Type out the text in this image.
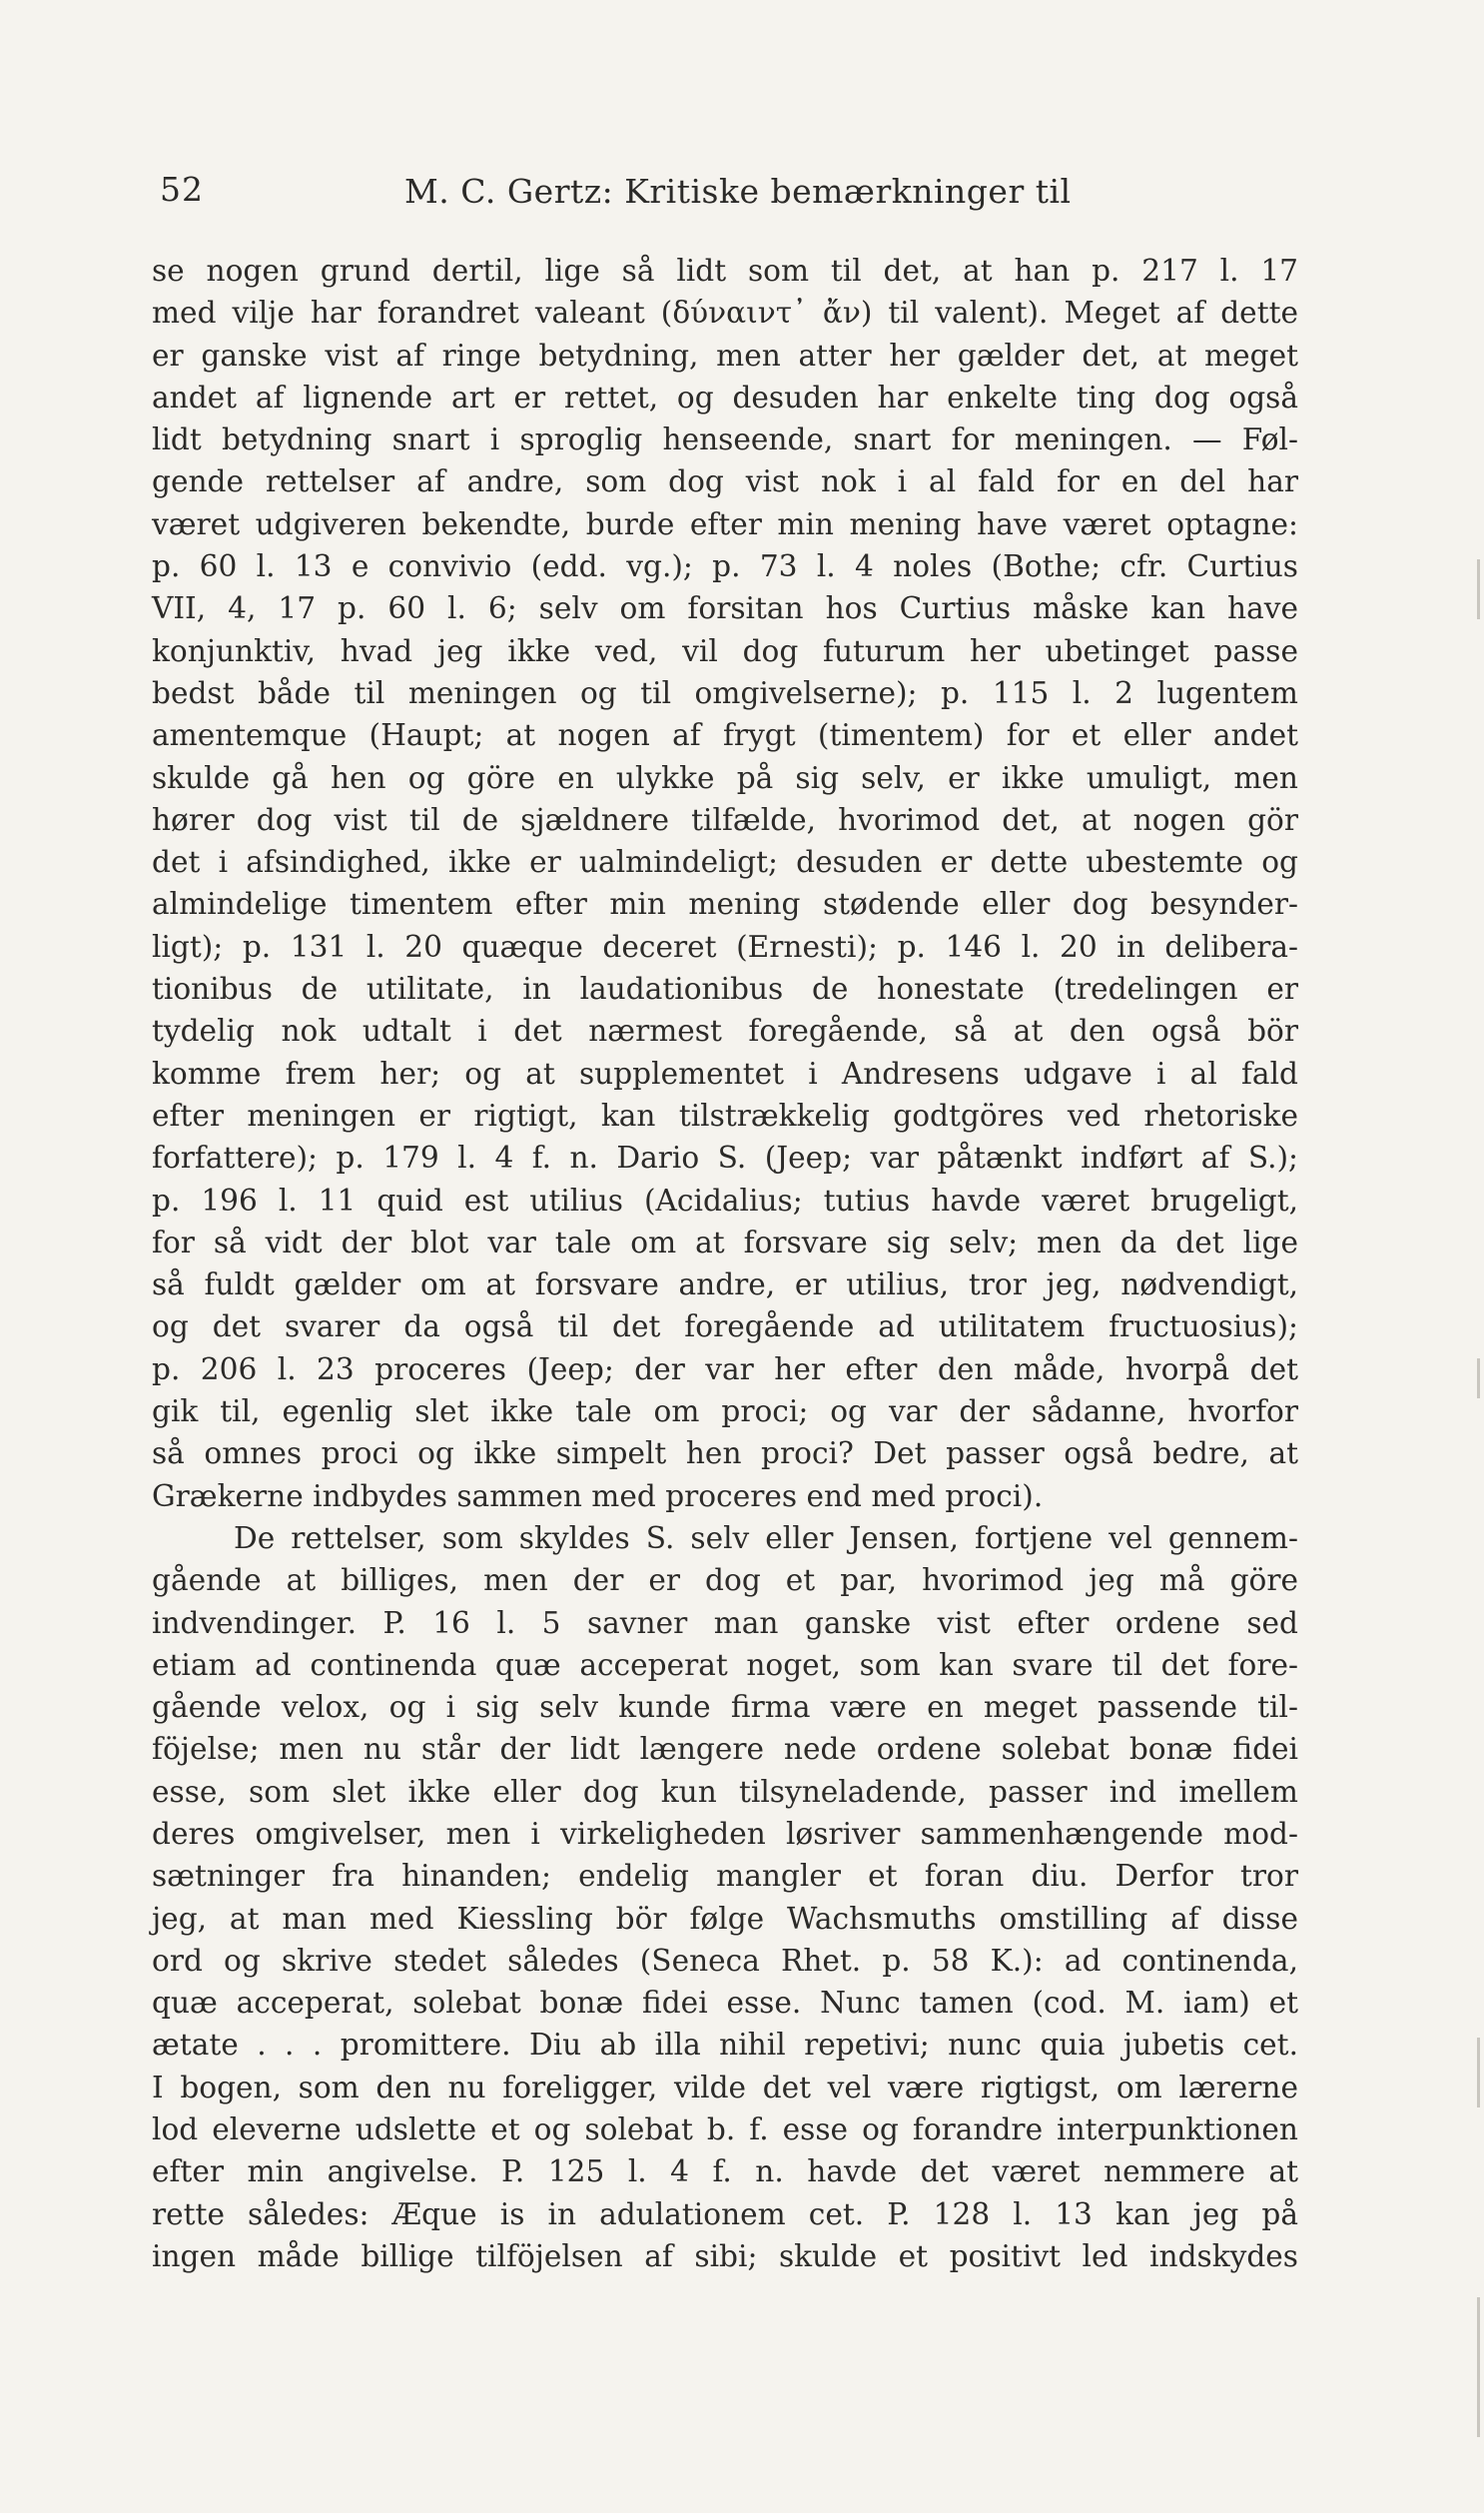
52	M. C. Gertz: Kritiske bemærkninger til
se nogen grund dertil, lige så lidt som til det, at han p. 217 l. 17
med vilje har forandret valeant (δύναιντ᾽ ἄν) til valent). Meget af dette
er ganske vist af ringe betydning, men atter her gælder det, at meget
andet af lignende art er rettet, og desuden har enkelte ting dog også
lidt betydning snart i sproglig henseende, snart for meningen. — Føl-
gende rettelser af andre, som dog vist nok i al fald for en del har
været udgiveren bekendte, burde efter min mening have været optagne:
p. 60 l. 13 e convivio (edd. vg.); p. 73 l. 4 noles (Bothe; cfr. Curtius
VII, 4, 17 p. 60 l. 6; selv om forsitan hos Curtius måske kan have
konjunktiv, hvad jeg ikke ved, vil dog futurum her ubetinget passe
bedst både til meningen og til omgivelserne); p. 115 l. 2 lugentem
amentemque (Haupt; at nogen af frygt (timentem) for et eller andet
skulde gå hen og göre en ulykke på sig selv, er ikke umuligt, men
hører dog vist til de sjældnere tilfælde, hvorimod det, at nogen gör
det i afsindighed, ikke er ualmindeligt; desuden er dette ubestemte og
almindelige timentem efter min mening stødende eller dog besynder-
ligt); p. 131 l. 20 quæque deceret (Ernesti); p. 146 l. 20 in delibera-
tionibus de utilitate, in laudationibus de honestate (tredelingen er
tydelig nok udtalt i det nærmest foregående, så at den også bör
komme frem her; og at supplementet i Andresens udgave i al fald
efter meningen er rigtigt, kan tilstrækkelig godtgöres ved rhetoriske
forfattere); p. 179 l. 4 f. n. Dario S. (Jeep; var påtænkt indført af S.);
p. 196 l. 11 quid est utilius (Acidalius; tutius havde været brugeligt,
for så vidt der blot var tale om at forsvare sig selv; men da det lige
så fuldt gælder om at forsvare andre, er utilius, tror jeg, nødvendigt,
og det svarer da også til det foregående ad utilitatem fructuosius);
p. 206 l. 23 proceres (Jeep; der var her efter den måde, hvorpå det
gik til, egenlig slet ikke tale om proci; og var der sådanne, hvorfor
så omnes proci og ikke simpelt hen proci? Det passer også bedre, at
Grækerne indbydes sammen med proceres end med proci).
De rettelser, som skyldes S. selv eller Jensen, fortjene vel gennem-
gående at billiges, men der er dog et par, hvorimod jeg må göre
indvendinger. P. 16 l. 5 savner man ganske vist efter ordene sed
etiam ad continenda quæ acceperat noget, som kan svare til det fore-
gående velox, og i sig selv kunde firma være en meget passende til-
föjelse; men nu står der lidt længere nede ordene solebat bonæ fidei
esse, som slet ikke eller dog kun tilsyneladende, passer ind imellem
deres omgivelser, men i virkeligheden løsriver sammenhængende mod-
sætninger fra hinanden; endelig mangler et foran diu. Derfor tror
jeg, at man med Kiessling bör følge Wachsmuths omstilling af disse
ord og skrive stedet således (Seneca Rhet. p. 58 K.): ad continenda,
quæ acceperat, solebat bonæ fidei esse. Nunc tamen (cod. M. iam) et
ætate . . . promittere. Diu ab illa nihil repetivi; nunc quia jubetis cet.
I bogen, som den nu foreligger, vilde det vel være rigtigst, om lærerne
lod eleverne udslette et og solebat b. f. esse og forandre interpunktionen
efter min angivelse. P. 125 l. 4 f. n. havde det været nemmere at
rette således: Æque is in adulationem cet. P. 128 l. 13 kan jeg på
ingen måde billige tilföjelsen af sibi; skulde et positivt led indskydes
